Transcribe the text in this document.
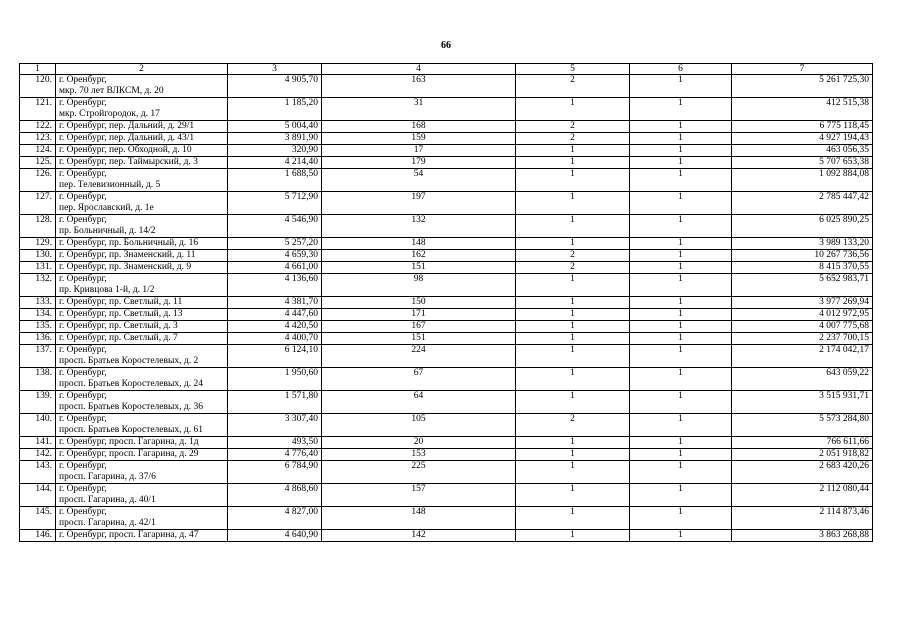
66
1	2	3	4	5	6	7
120.	г. Оренбург,
мкр. 70 лет ВЛКСМ, д. 20	4 905,70	163	2	1	5 261 725,30
121.	г. Оренбург,
мкр. Стройгородок, д. 17	1 185,20	31	1	1	412 515,38
122.	г. Оренбург, пер. Дальний, д. 29/1	5 004,40	168	2	1	6 775 118,45
123.	г. Оренбург, пер. Дальний, д. 43/1	3 891,90	159	2	1	4 927 194,43
124.	г. Оренбург, пер. Обходной, д. 10	320,90	17	1	1	463 056,35
125.	г. Оренбург, пер. Таймырский, д. 3	4 214,40	179	1	1	5 707 653,38
126.	г. Оренбург,
пер. Телевизионный, д. 5	1 688,50	54	1	1	1 092 884,08
127.	г. Оренбург,
пер. Ярославский, д. 1е	5 712,90	197	1	1	2 785 447,42
128.	г. Оренбург,
пр. Больничный, д. 14/2	4 546,90	132	1	1	6 025 890,25
129.	г. Оренбург, пр. Больничный, д. 16	5 257,20	148	1	1	3 989 133,20
130.	г. Оренбург, пр. Знаменский, д. 11	4 659,30	162	2	1	10 267 736,56
131.	г. Оренбург, пр. Знаменский, д. 9	4 661,00	151	2	1	8 415 370,55
132.	г. Оренбург,
пр. Кривцова 1-й, д. 1/2	4 136,60	98	1	1	5 652 983,71
133.	г. Оренбург, пр. Светлый, д. 11	4 381,70	150	1	1	3 977 269,94
134.	г. Оренбург, пр. Светлый, д. 13	4 447,60	171	1	1	4 012 972,95
135.	г. Оренбург, пр. Светлый, д. 3	4 420,50	167	1	1	4 007 775,68
136.	г. Оренбург, пр. Светлый, д. 7	4 400,70	151	1	1	2 237 700,15
137.	г. Оренбург,
просп. Братьев Коростелевых, д. 2	6 124,10	224	1	1	2 174 042,17
138.	г. Оренбург,
просп. Братьев Коростелевых, д. 24	1 950,60	67	1	1	643 059,22
139.	г. Оренбург,
просп. Братьев Коростелевых, д. 36	1 571,80	64	1	1	3 515 931,71
140.	г. Оренбург,
просп. Братьев Коростелевых, д. 61	3 307,40	105	2	1	5 573 284,80
141.	г. Оренбург, просп. Гагарина, д. 1д	493,50	20	1	1	766 611,66
142.	г. Оренбург, просп. Гагарина, д. 29	4 776,40	153	1	1	2 051 918,82
143.	г. Оренбург,
просп. Гагарина, д. 37/6	6 784,90	225	1	1	2 683 420,26
144.	г. Оренбург,
просп. Гагарина, д. 40/1	4 868,60	157	1	1	2 112 080,44
145.	г. Оренбург,
просп. Гагарина, д. 42/1	4 827,00	148	1	1	2 114 873,46
146.	г. Оренбург, просп. Гагарина, д. 47	4 640,90	142	1	1	3 863 268,88
